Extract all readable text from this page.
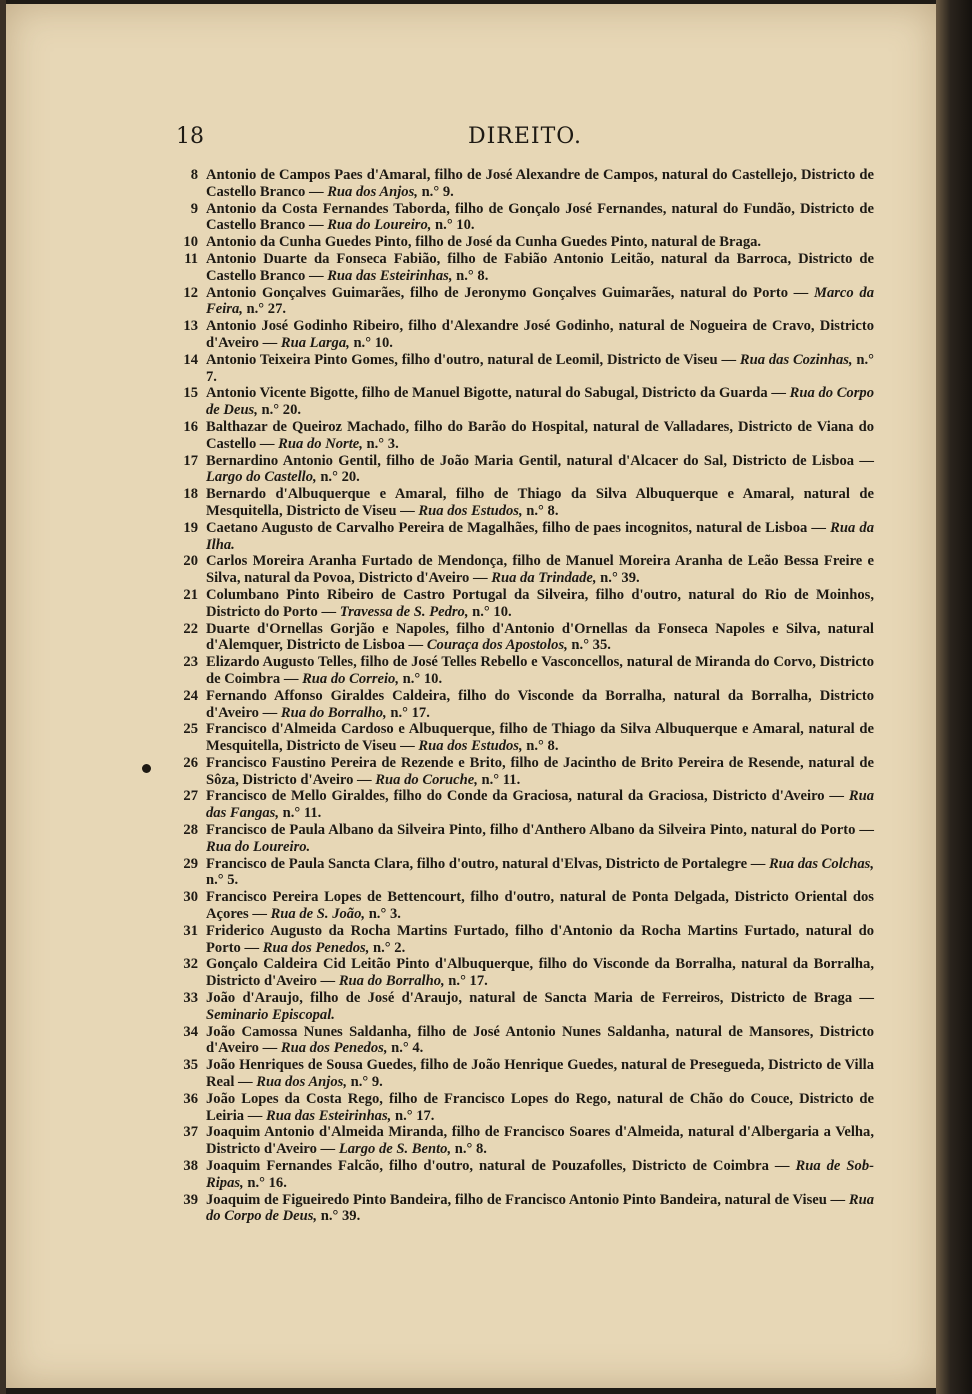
18	DIREITO.
8 Antonio de Campos Paes d'Amaral, filho de José Alexandre de Campos, natural do Castellejo, Districto de Castello Branco — Rua dos Anjos, n.° 9.
9 Antonio da Costa Fernandes Taborda, filho de Gonçalo José Fernandes, natural do Fundão, Districto de Castello Branco — Rua do Loureiro, n.° 10.
10 Antonio da Cunha Guedes Pinto, filho de José da Cunha Guedes Pinto, natural de Braga.
11 Antonio Duarte da Fonseca Fabião, filho de Fabião Antonio Leitão, natural da Barroca, Districto de Castello Branco — Rua das Esteirinhas, n.° 8.
12 Antonio Gonçalves Guimarães, filho de Jeronymo Gonçalves Guimarães, natural do Porto — Marco da Feira, n.° 27.
13 Antonio José Godinho Ribeiro, filho d'Alexandre José Godinho, natural de Nogueira de Cravo, Districto d'Aveiro — Rua Larga, n.° 10.
14 Antonio Teixeira Pinto Gomes, filho d'outro, natural de Leomil, Districto de Viseu — Rua das Cozinhas, n.° 7.
15 Antonio Vicente Bigotte, filho de Manuel Bigotte, natural do Sabugal, Districto da Guarda — Rua do Corpo de Deus, n.° 20.
16 Balthazar de Queiroz Machado, filho do Barão do Hospital, natural de Valladares, Districto de Viana do Castello — Rua do Norte, n.° 3.
17 Bernardino Antonio Gentil, filho de João Maria Gentil, natural d'Alcacer do Sal, Districto de Lisboa — Largo do Castello, n.° 20.
18 Bernardo d'Albuquerque e Amaral, filho de Thiago da Silva Albuquerque e Amaral, natural de Mesquitella, Districto de Viseu — Rua dos Estudos, n.° 8.
19 Caetano Augusto de Carvalho Pereira de Magalhães, filho de paes incognitos, natural de Lisboa — Rua da Ilha.
20 Carlos Moreira Aranha Furtado de Mendonça, filho de Manuel Moreira Aranha de Leão Bessa Freire e Silva, natural da Povoa, Districto d'Aveiro — Rua da Trindade, n.° 39.
21 Columbano Pinto Ribeiro de Castro Portugal da Silveira, filho d'outro, natural do Rio de Moinhos, Districto do Porto — Travessa de S. Pedro, n.° 10.
22 Duarte d'Ornellas Gorjão e Napoles, filho d'Antonio d'Ornellas da Fonseca Napoles e Silva, natural d'Alemquer, Districto de Lisboa — Couraça dos Apostolos, n.° 35.
23 Elizardo Augusto Telles, filho de José Telles Rebello e Vasconcellos, natural de Miranda do Corvo, Districto de Coimbra — Rua do Correio, n.° 10.
24 Fernando Affonso Giraldes Caldeira, filho do Visconde da Borralha, natural da Borralha, Districto d'Aveiro — Rua do Borralho, n.° 17.
25 Francisco d'Almeida Cardoso e Albuquerque, filho de Thiago da Silva Albuquerque e Amaral, natural de Mesquitella, Districto de Viseu — Rua dos Estudos, n.° 8.
26 Francisco Faustino Pereira de Rezende e Brito, filho de Jacintho de Brito Pereira de Resende, natural de Sôza, Districto d'Aveiro — Rua do Coruche, n.° 11.
27 Francisco de Mello Giraldes, filho do Conde da Graciosa, natural da Graciosa, Districto d'Aveiro — Rua das Fangas, n.° 11.
28 Francisco de Paula Albano da Silveira Pinto, filho d'Anthero Albano da Silveira Pinto, natural do Porto — Rua do Loureiro.
29 Francisco de Paula Sancta Clara, filho d'outro, natural d'Elvas, Districto de Portalegre — Rua das Colchas, n.° 5.
30 Francisco Pereira Lopes de Bettencourt, filho d'outro, natural de Ponta Delgada, Districto Oriental dos Açores — Rua de S. João, n.° 3.
31 Friderico Augusto da Rocha Martins Furtado, filho d'Antonio da Rocha Martins Furtado, natural do Porto — Rua dos Penedos, n.° 2.
32 Gonçalo Caldeira Cid Leitão Pinto d'Albuquerque, filho do Visconde da Borralha, natural da Borralha, Districto d'Aveiro — Rua do Borralho, n.° 17.
33 João d'Araujo, filho de José d'Araujo, natural de Sancta Maria de Ferreiros, Districto de Braga — Seminario Episcopal.
34 João Camossa Nunes Saldanha, filho de José Antonio Nunes Saldanha, natural de Mansores, Districto d'Aveiro — Rua dos Penedos, n.° 4.
35 João Henriques de Sousa Guedes, filho de João Henrique Guedes, natural de Presegueda, Districto de Villa Real — Rua dos Anjos, n.° 9.
36 João Lopes da Costa Rego, filho de Francisco Lopes do Rego, natural de Chão do Couce, Districto de Leiria — Rua das Esteirinhas, n.° 17.
37 Joaquim Antonio d'Almeida Miranda, filho de Francisco Soares d'Almeida, natural d'Albergaria a Velha, Districto d'Aveiro — Largo de S. Bento, n.° 8.
38 Joaquim Fernandes Falcão, filho d'outro, natural de Pouzafolles, Districto de Coimbra — Rua de Sob-Ripas, n.° 16.
39 Joaquim de Figueiredo Pinto Bandeira, filho de Francisco Antonio Pinto Bandeira, natural de Viseu — Rua do Corpo de Deus, n.° 39.
